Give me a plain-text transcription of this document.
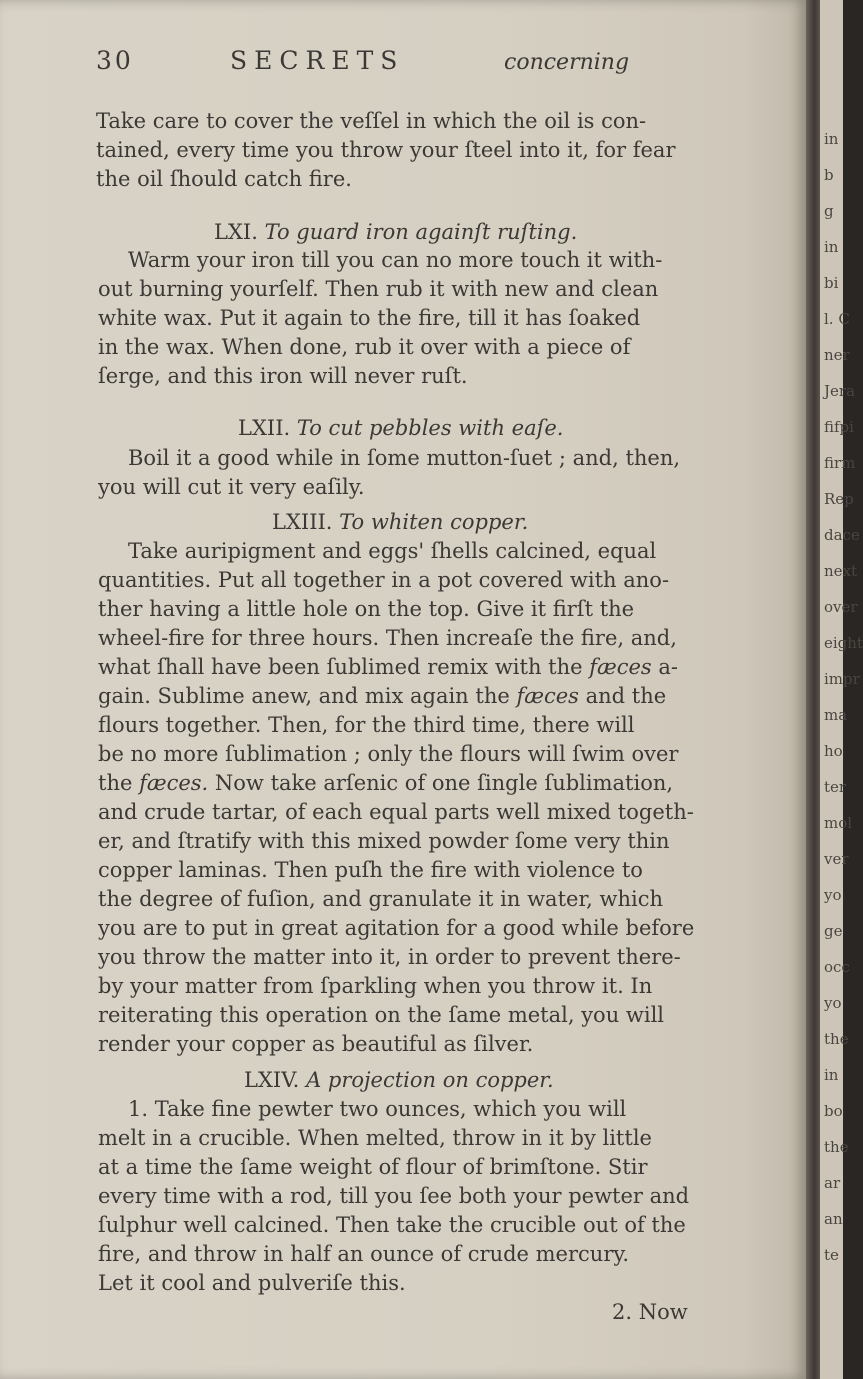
30	SECRETS	concerning
Take care to cover the veſſel in which the oil is con-
tained, every time you throw your ſteel into it, for fear
the oil ſhould catch fire.
LXI. To guard iron againſt ruſting.
Warm your iron till you can no more touch it with-
out burning yourſelf. Then rub it with new and clean
white wax. Put it again to the fire, till it has ſoaked
in the wax. When done, rub it over with a piece of
ſerge, and this iron will never ruſt.
LXII. To cut pebbles with eaſe.
Boil it a good while in ſome mutton-ſuet ; and, then,
you will cut it very eaſily.
LXIII. To whiten copper.
Take auripigment and eggs' ſhells calcined, equal
quantities. Put all together in a pot covered with ano-
ther having a little hole on the top. Give it firſt the
wheel-fire for three hours. Then increaſe the fire, and,
what ſhall have been ſublimed remix with the fæces a-
gain. Sublime anew, and mix again the fæces and the
flours together. Then, for the third time, there will
be no more ſublimation ; only the flours will ſwim over
the fæces. Now take arſenic of one ſingle ſublimation,
and crude tartar, of each equal parts well mixed togeth-
er, and ſtratify with this mixed powder ſome very thin
copper laminas. Then puſh the fire with violence to
the degree of fuſion, and granulate it in water, which
you are to put in great agitation for a good while before
you throw the matter into it, in order to prevent there-
by your matter from ſparkling when you throw it. In
reiterating this operation on the ſame metal, you will
render your copper as beautiful as ſilver.
LXIV. A projection on copper.
1. Take fine pewter two ounces, which you will
melt in a crucible. When melted, throw in it by little
at a time the ſame weight of flour of brimſtone. Stir
every time with a rod, till you ſee both your pewter and
ſulphur well calcined. Then take the crucible out of the
fire, and throw in half an ounce of crude mercury.
Let it cool and pulveriſe this.
2. Now
in
b
g
in
bi
l. C
ner
Jera
fifpi
firm
Rep
dace
next
over
eight
impr
ma
ho
ter
mol
ver
yo
ge
occ
yo
the
in
bo
the
ar
an
te
